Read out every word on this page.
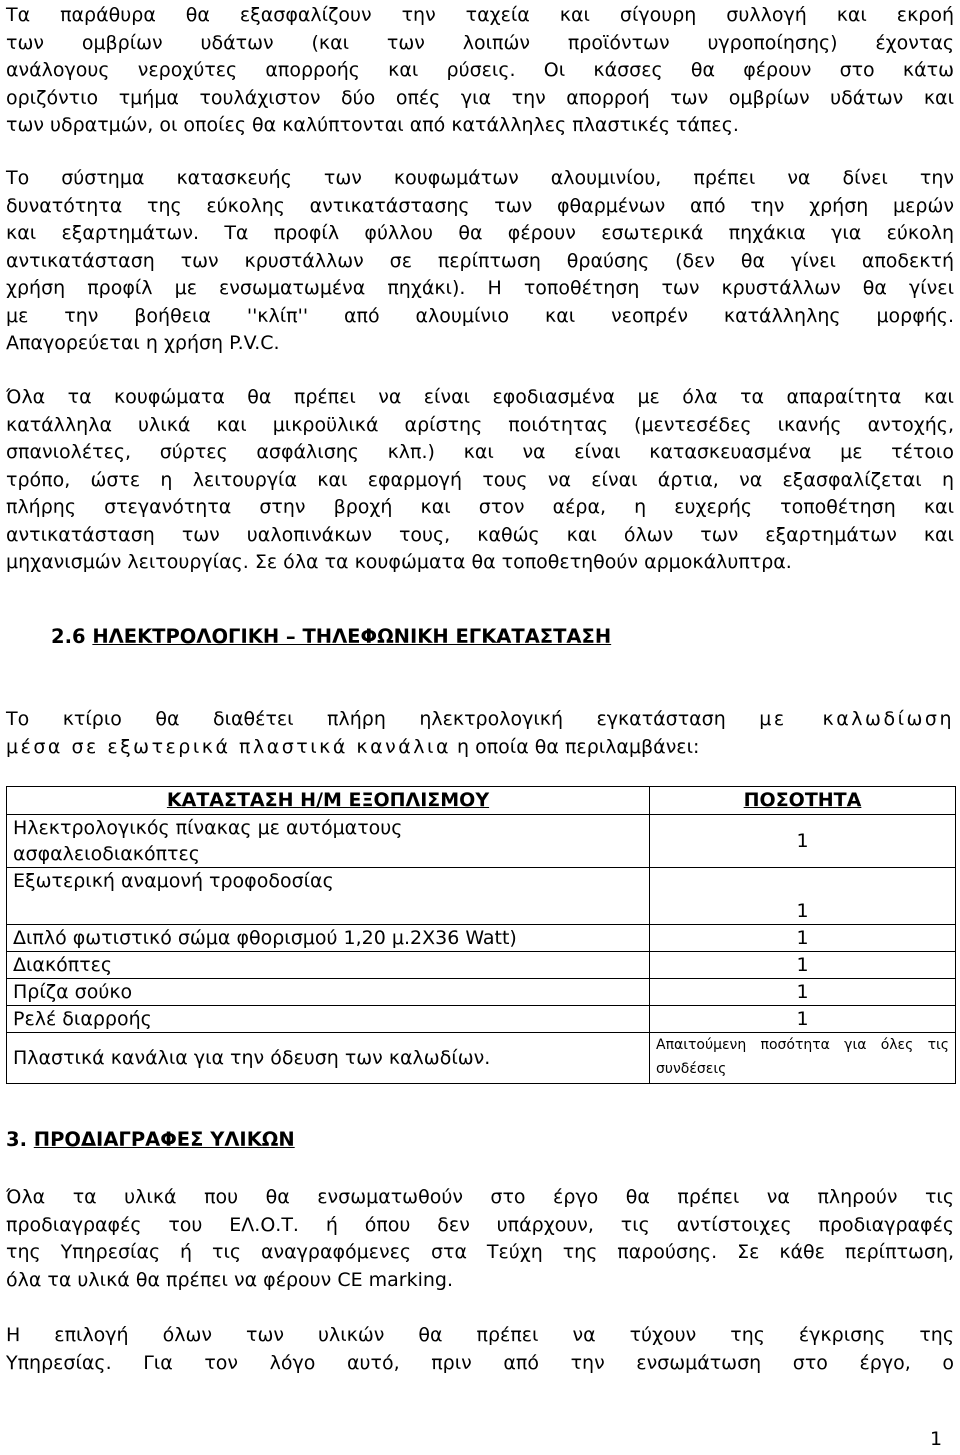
Τα παράθυρα θα εξασφαλίζουν την ταχεία και σίγουρη συλλογή και εκροή
των ομβρίων υδάτων (και των λοιπών προϊόντων υγροποίησης) έχοντας
ανάλογους νεροχύτες απορροής και ρύσεις. Οι κάσσες θα φέρουν στο κάτω
οριζόντιο τμήμα τουλάχιστον δύο οπές για την απορροή των ομβρίων υδάτων και
των υδρατμών, οι οποίες θα καλύπτονται από κατάλληλες πλαστικές τάπες.
Το σύστημα κατασκευής των κουφωμάτων αλουμινίου, πρέπει να δίνει την
δυνατότητα της εύκολης αντικατάστασης των φθαρμένων από την χρήση μερών
και εξαρτημάτων. Τα προφίλ φύλλου θα φέρουν εσωτερικά πηχάκια για εύκολη
αντικατάσταση των κρυστάλλων σε περίπτωση θραύσης (δεν θα γίνει αποδεκτή
χρήση προφίλ με ενσωματωμένα πηχάκι). Η τοποθέτηση των κρυστάλλων θα γίνει
με την βοήθεια ''κλίπ'' από αλουμίνιο και νεοπρέν κατάλληλης μορφής.
Απαγορεύεται η χρήση P.V.C.
Όλα τα κουφώματα θα πρέπει να είναι εφοδιασμένα με όλα τα απαραίτητα και
κατάλληλα υλικά και μικροϋλικά αρίστης ποιότητας (μεντεσέδες ικανής αντοχής,
σπανιολέτες, σύρτες ασφάλισης κλπ.) και να είναι κατασκευασμένα με τέτοιο
τρόπο, ώστε η λειτουργία και εφαρμογή τους να είναι άρτια, να εξασφαλίζεται η
πλήρης στεγανότητα στην βροχή και στον αέρα, η ευχερής τοποθέτηση και
αντικατάσταση των υαλοπινάκων τους, καθώς και όλων των εξαρτημάτων και
μηχανισμών λειτουργίας. Σε όλα τα κουφώματα θα τοποθετηθούν αρμοκάλυπτρα.
2.6 ΗΛΕΚΤΡΟΛΟΓΙΚΗ – ΤΗΛΕΦΩΝΙΚΗ ΕΓΚΑΤΑΣΤΑΣΗ
Το κτίριο θα διαθέτει πλήρη ηλεκτρολογική εγκατάσταση με καλωδίωση
μέσα σε εξωτερικά πλαστικά κανάλια η οποία θα περιλαμβάνει:
ΚΑΤΑΣΤΑΣΗ Η/Μ ΕΞΟΠΛΙΣΜΟΥ	ΠΟΣΟΤΗΤΑ

Ηλεκτρολογικός πίνακας με αυτόματους
ασφαλειοδιακόπτες	1

Εξωτερική αναμονή τροφοδοσίας	1
Διπλό φωτιστικό σώμα φθορισμού 1,20 μ.2Χ36 Watt)	1
Διακόπτες	1
Πρίζα σούκο	1
Ρελέ διαρροής	1
Πλαστικά κανάλια για την όδευση των καλωδίων.	Απαιτούμενη ποσότητα για όλες τις συνδέσεις
3. ΠΡΟΔΙΑΓΡΑΦΕΣ ΥΛΙΚΩΝ
Όλα τα υλικά που θα ενσωματωθούν στο έργο θα πρέπει να πληρούν τις
προδιαγραφές του ΕΛ.Ο.Τ. ή όπου δεν υπάρχουν, τις αντίστοιχες προδιαγραφές
της Υπηρεσίας ή τις αναγραφόμενες στα Τεύχη της παρούσης. Σε κάθε περίπτωση,
όλα τα υλικά θα πρέπει να φέρουν CE marking.
Η επιλογή όλων των υλικών θα πρέπει να τύχουν της έγκρισης της
Υπηρεσίας. Για τον λόγο αυτό, πριν από την ενσωμάτωση στο έργο, ο
1
